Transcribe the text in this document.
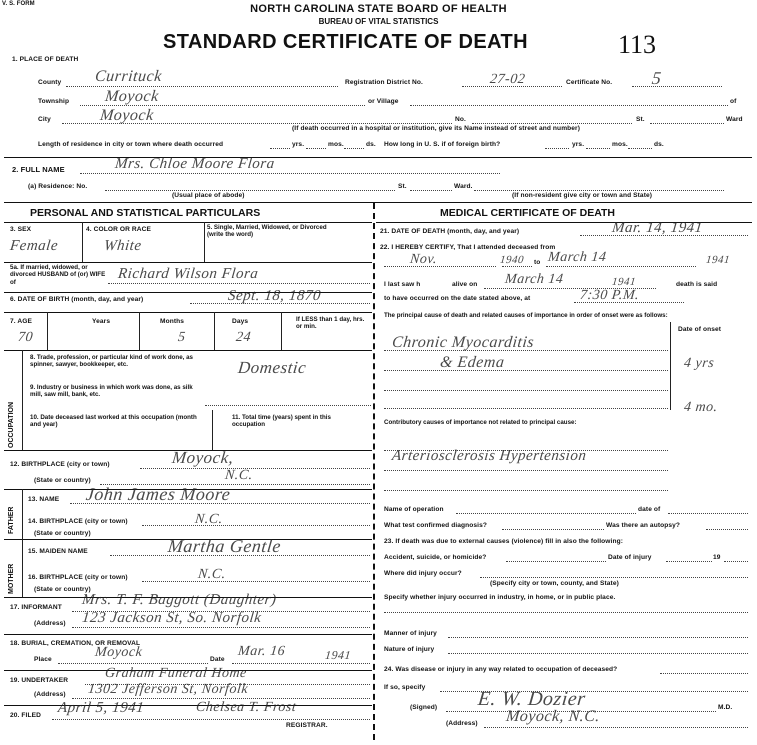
V. S. FORM	NORTH CAROLINA STATE BOARD OF HEALTH
BUREAU OF VITAL STATISTICS
STANDARD CERTIFICATE OF DEATH	113
1. PLACE OF DEATH
County Currituck	Registration District No.	27-02	Certificate No. 5
Township Moyock	or Village	of
City	Moyock	No.	St.	Ward
(If death occurred in a hospital or institution, give its Name instead of street and number)
Length of residence in city or town where death occurred	yrs.	mos.	ds. How long in U. S. if of foreign birth?	yrs.	mos.	ds.
2. FULL NAME	Mrs. Chloe Moore Flora
(a) Residence: No.	St.	Ward.
(Usual place of abode)	(If non-resident give city or town and State)
PERSONAL AND STATISTICAL PARTICULARS
3. SEX	4. COLOR OR RACE	5. Single, Married, Widowed, or Divorced (write the word)
Female	White
5a. If married, widowed, or divorced HUSBAND of (or) WIFE of
Richard Wilson Flora
6. DATE OF BIRTH (month, day, and year)	Sept. 18, 1870
7. AGE	Years	Months	Days	If LESS than 1 day, hrs. or min.
70	5	24
OCCUPATION
8. Trade, profession, or particular kind of work done, as spinner, sawyer, bookkeeper, etc.	Domestic
9. Industry or business in which work was done, as silk mill, saw mill, bank, etc.
10. Date deceased last worked at this occupation (month and year)
11. Total time (years) spent in this occupation
12. BIRTHPLACE (city or town)	Moyock,
(State or country)	N.C.
FATHER
13. NAME John James Moore
14. BIRTHPLACE (city or town)	N.C.
(State or country)
MOTHER
15. MAIDEN NAME	Martha Gentle
16. BIRTHPLACE (city or town)	N.C.
(State or country)
17. INFORMANT Mrs. T. F. Baggott (Daughter)
(Address) 123 Jackson St, So. Norfolk
18. BURIAL, CREMATION, OR REMOVAL
Place	Moyock	Date
Mar. 16	1941
19. UNDERTAKER	Graham Funeral Home
(Address) 1302 Jefferson St, Norfolk
20. FILED April 5, 1941	Chelsea T. Frost
REGISTRAR.
MEDICAL CERTIFICATE OF DEATH
21. DATE OF DEATH (month, day, and year)	Mar. 14, 1941
22. I HEREBY CERTIFY, That I attended deceased from
Nov.	1940 to March 14	1941
I last saw h	alive on March 14	1941	death is said
to have occurred on the date stated above, at	7:30 P.M.
The principal cause of death and related causes of importance in order of onset were as follows:
Date of onset
Chronic Myocarditis
& Edema	4 yrs
4 mo.
Contributory causes of importance not related to principal cause:
Arteriosclerosis Hypertension
Name of operation	date of
What test confirmed diagnosis?	Was there an autopsy?
23. If death was due to external causes (violence) fill in also the following:
Accident, suicide, or homicide?	Date of injury	19
Where did injury occur?
(Specify city or town, county, and State)
Specify whether injury occurred in industry, in home, or in public place.
Manner of injury
Nature of injury
24. Was disease or injury in any way related to occupation of deceased?
If so, specify
(Signed) E. W. Dozier	M.D.
(Address) Moyock, N.C.
